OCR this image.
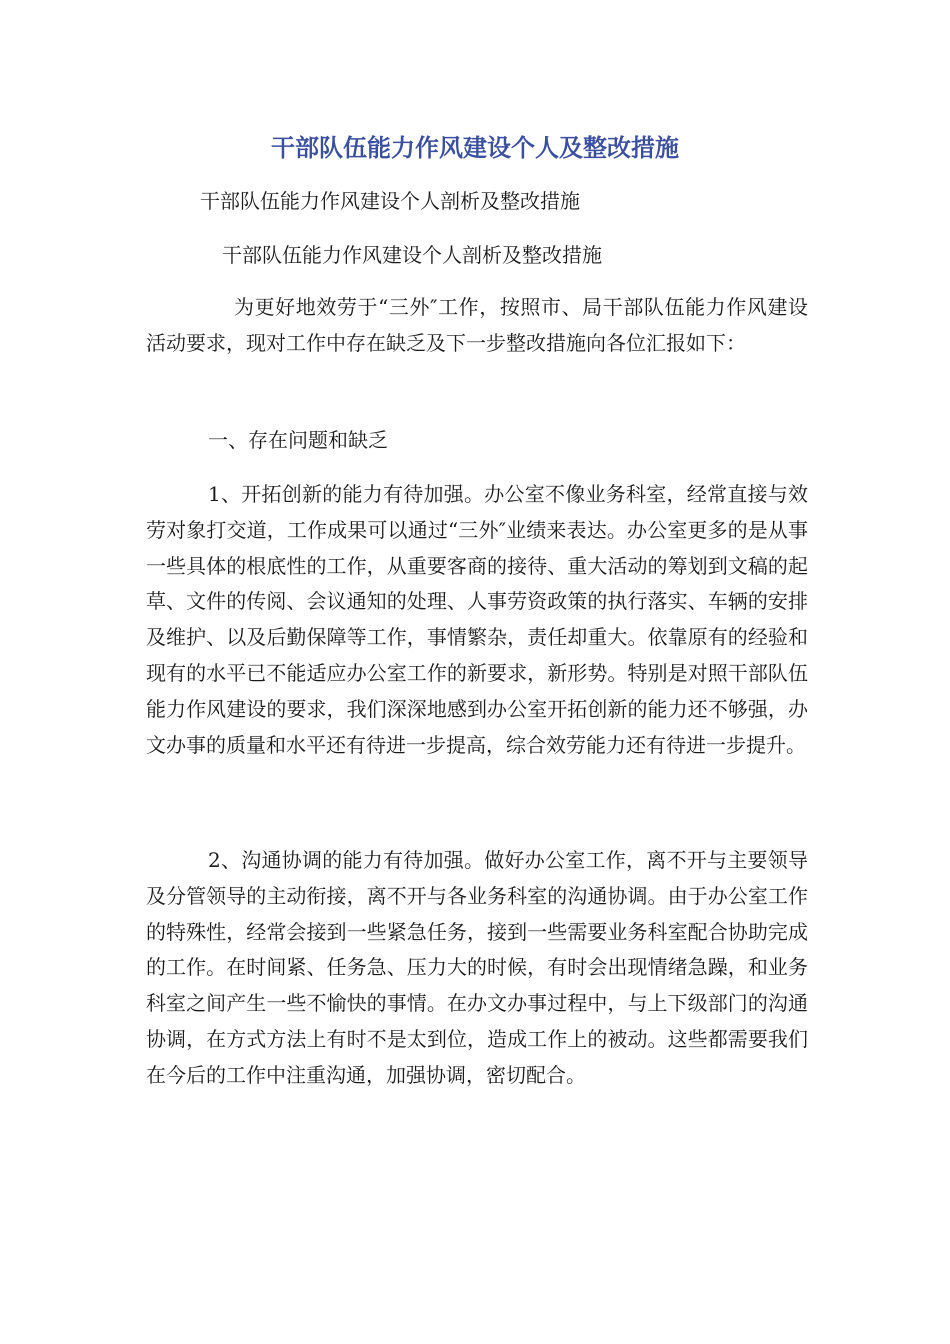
干部队伍能力作风建设个人及整改措施

干部队伍能力作风建设个人剖析及整改措施

干部队伍能力作风建设个人剖析及整改措施

为更好地效劳于“三外″工作，按照市、局干部队伍能力作风建设活动要求，现对工作中存在缺乏及下一步整改措施向各位汇报如下：

一、存在问题和缺乏

1、开拓创新的能力有待加强。办公室不像业务科室，经常直接与效劳对象打交道，工作成果可以通过“三外″业绩来表达。办公室更多的是从事一些具体的根底性的工作，从重要客商的接待、重大活动的筹划到文稿的起草、文件的传阅、会议通知的处理、人事劳资政策的执行落实、车辆的安排及维护、以及后勤保障等工作，事情繁杂，责任却重大。依靠原有的经验和现有的水平已不能适应办公室工作的新要求，新形势。特别是对照干部队伍能力作风建设的要求，我们深深地感到办公室开拓创新的能力还不够强，办文办事的质量和水平还有待进一步提高，综合效劳能力还有待进一步提升。

2、沟通协调的能力有待加强。做好办公室工作，离不开与主要领导及分管领导的主动衔接，离不开与各业务科室的沟通协调。由于办公室工作的特殊性，经常会接到一些紧急任务，接到一些需要业务科室配合协助完成的工作。在时间紧、任务急、压力大的时候，有时会出现情绪急躁，和业务科室之间产生一些不愉快的事情。在办文办事过程中，与上下级部门的沟通协调，在方式方法上有时不是太到位，造成工作上的被动。这些都需要我们在今后的工作中注重沟通，加强协调，密切配合。
